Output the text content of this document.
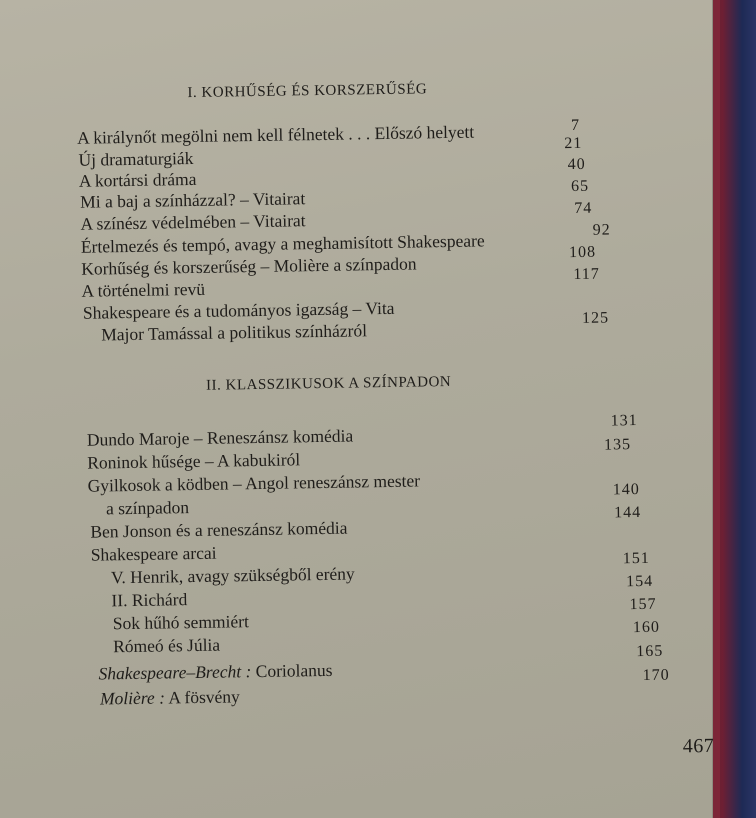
I. KORHŰSÉG ÉS KORSZERŰSÉG
A királynőt megölni nem kell félnetek . . . Előszó helyett	7
Új dramaturgiák
21
A kortársi dráma
40
Mi a baj a színházzal? – Vitairat
65
A színész védelmében – Vitairat
74
Értelmezés és tempó, avagy a meghamisított Shakespeare
92
Korhűség és korszerűség – Molière a színpadon
108
A történelmi revü
117
Shakespeare és a tudományos igazság – Vita
Major Tamással a politikus színházról
125
II. KLASSZIKUSOK A SZÍNPADON
Dundo Maroje – Reneszánsz komédia
131
Roninok hűsége – A kabukiról
135
Gyilkosok a ködben – Angol reneszánsz mester
a színpadon
140
Ben Jonson és a reneszánsz komédia
144
Shakespeare arcai
V. Henrik, avagy szükségből erény
151
II. Richárd
154
Sok hűhó semmiért
157
Rómeó és Júlia
160
165
Shakespeare–Brecht : Coriolanus	170
Molière : A fösvény
467
